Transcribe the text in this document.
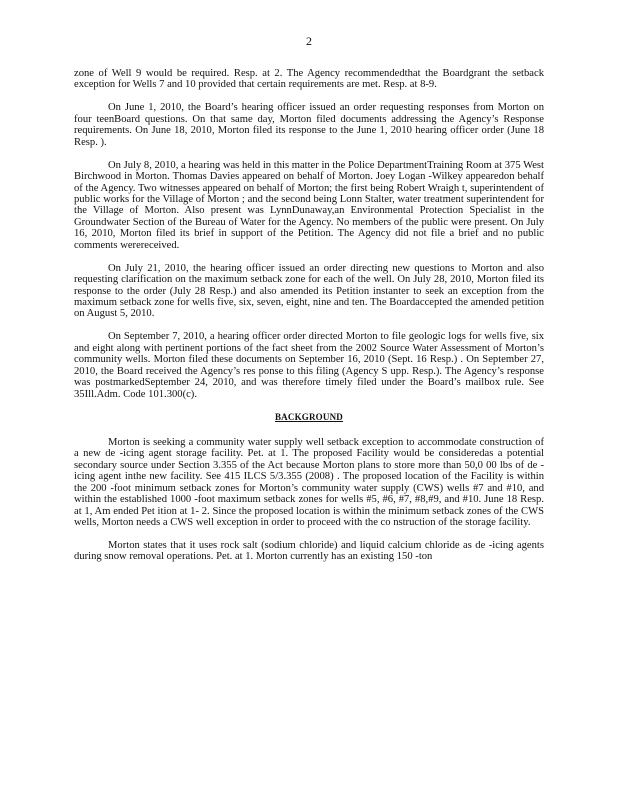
2

zone of Well 9 would be required. Resp. at 2. The Agency recommendedthat the Boardgrant the setback exception for Wells 7 and 10 provided that certain requirements are met. Resp. at 8-9.

On June 1, 2010, the Board’s hearing officer issued an order requesting responses from Morton on four teenBoard questions. On that same day, Morton filed documents addressing the Agency’s Response requirements. On June 18, 2010, Morton filed its response to the June 1, 2010 hearing officer order (June 18 Resp. ).

On July 8, 2010, a hearing was held in this matter in the Police DepartmentTraining Room at 375 West Birchwood in Morton. Thomas Davies appeared on behalf of Morton. Joey Logan -Wilkey appearedon behalf of the Agency. Two witnesses appeared on behalf of Morton; the first being Robert Wraigh t, superintendent of public works for the Village of Morton ; and the second being Lonn Stalter, water treatment superintendent for the Village of Morton. Also present was LynnDunaway,an Environmental Protection Specialist in the Groundwater Section of the Bureau of Water for the Agency. No members of the public were present. On July 16, 2010, Morton filed its brief in support of the Petition. The Agency did not file a brief and no public comments werereceived.

On July 21, 2010, the hearing officer issued an order directing new questions to Morton and also requesting clarification on the maximum setback zone for each of the well. On July 28, 2010, Morton filed its response to the order (July 28 Resp.) and also amended its Petition instanter to seek an exception from the maximum setback zone for wells five, six, seven, eight, nine and ten. The Boardaccepted the amended petition on August 5, 2010.

On September 7, 2010, a hearing officer order directed Morton to file geologic logs for wells five, six and eight along with pertinent portions of the fact sheet from the 2002 Source Water Assessment of Morton’s community wells. Morton filed these documents on September 16, 2010 (Sept. 16 Resp.) . On September 27, 2010, the Board received the Agency’s res ponse to this filing (Agency S upp. Resp.). The Agency’s response was postmarkedSeptember 24, 2010, and was therefore timely filed under the Board’s mailbox rule. See 35Ill.Adm. Code 101.300(c).

BACKGROUND

Morton is seeking a community water supply well setback exception to accommodate construction of a new de -icing agent storage facility. Pet. at 1. The proposed Facility would be consideredas a potential secondary source under Section 3.355 of the Act because Morton plans to store more than 50,0 00 lbs of de -icing agent inthe new facility. See 415 ILCS 5/3.355 (2008) . The proposed location of the Facility is within the 200 -foot minimum setback zones for Morton’s community water supply (CWS) wells #7 and #10, and within the established 1000 -foot maximum setback zones for wells #5, #6, #7, #8,#9, and #10. June 18 Resp. at 1, Am ended Pet ition at 1- 2. Since the proposed location is within the minimum setback zones of the CWS wells, Morton needs a CWS well exception in order to proceed with the co nstruction of the storage facility.

Morton states that it uses rock salt (sodium chloride) and liquid calcium chloride as de -icing agents during snow removal operations. Pet. at 1. Morton currently has an existing 150 -ton
